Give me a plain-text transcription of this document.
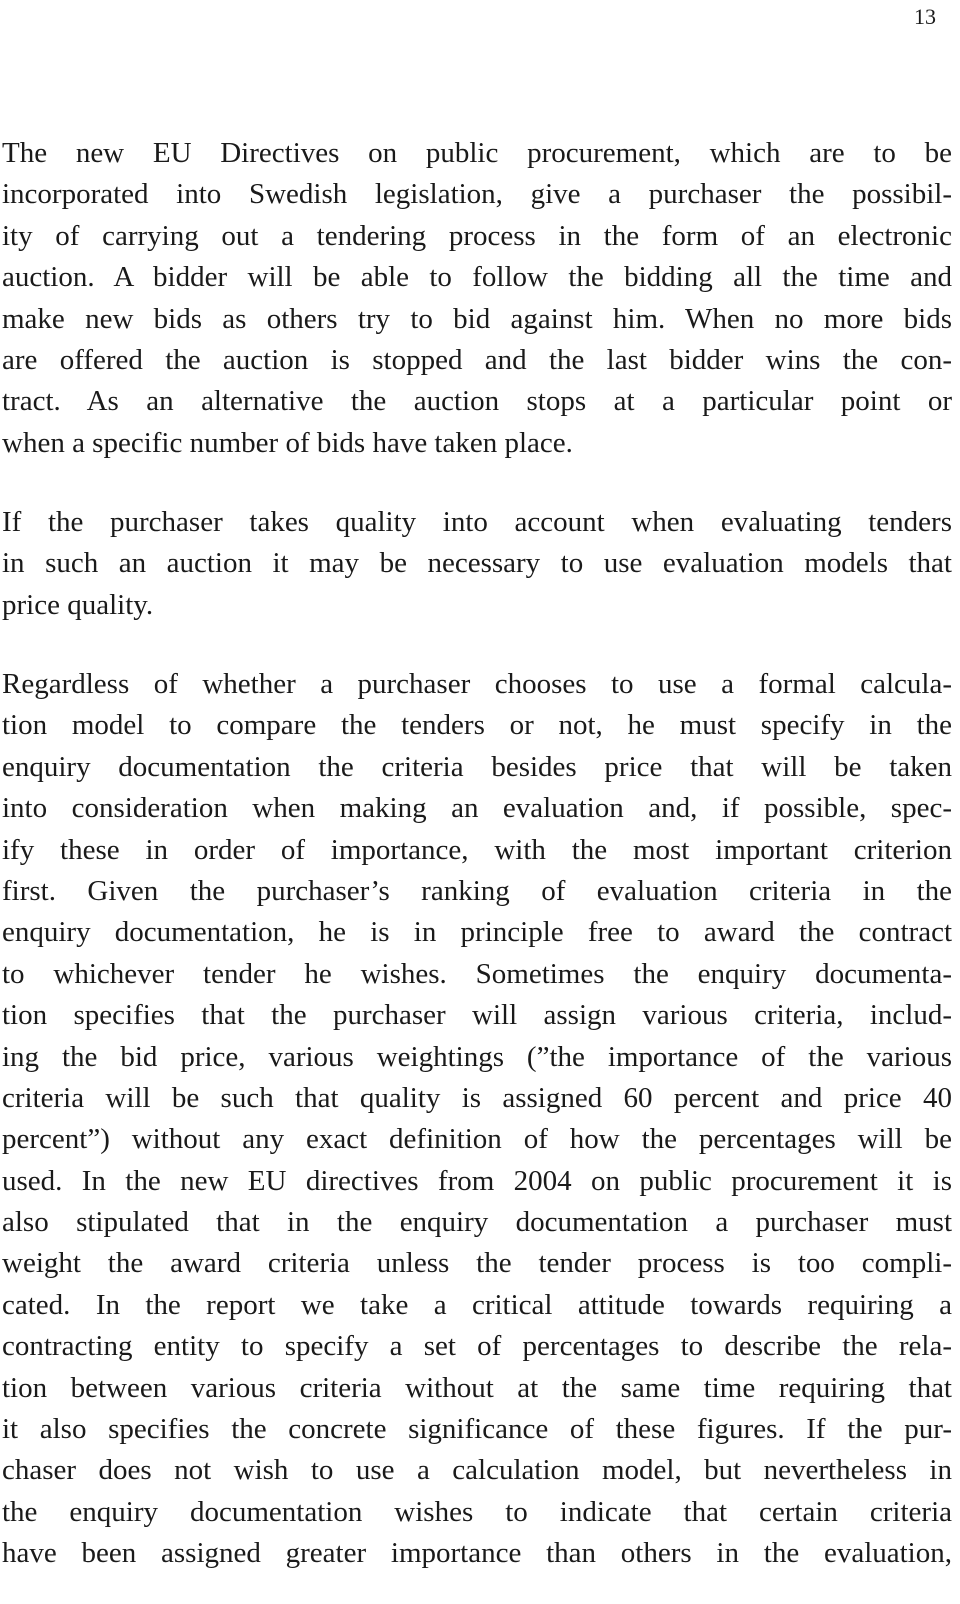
13
The new EU Directives on public procurement, which are to be
incorporated into Swedish legislation, give a purchaser the possibil-
ity of carrying out a tendering process in the form of an electronic
auction. A bidder will be able to follow the bidding all the time and
make new bids as others try to bid against him. When no more bids
are offered the auction is stopped and the last bidder wins the con-
tract. As an alternative the auction stops at a particular point or
when a specific number of bids have taken place.
If the purchaser takes quality into account when evaluating tenders
in such an auction it may be necessary to use evaluation models that
price quality.
Regardless of whether a purchaser chooses to use a formal calcula-
tion model to compare the tenders or not, he must specify in the
enquiry documentation the criteria besides price that will be taken
into consideration when making an evaluation and, if possible, spec-
ify these in order of importance, with the most important criterion
first. Given the purchaser’s ranking of evaluation criteria in the
enquiry documentation, he is in principle free to award the contract
to whichever tender he wishes. Sometimes the enquiry documenta-
tion specifies that the purchaser will assign various criteria, includ-
ing the bid price, various weightings (”the importance of the various
criteria will be such that quality is assigned 60 percent and price 40
percent”) without any exact definition of how the percentages will be
used. In the new EU directives from 2004 on public procurement it is
also stipulated that in the enquiry documentation a purchaser must
weight the award criteria unless the tender process is too compli-
cated. In the report we take a critical attitude towards requiring a
contracting entity to specify a set of percentages to describe the rela-
tion between various criteria without at the same time requiring that
it also specifies the concrete significance of these figures. If the pur-
chaser does not wish to use a calculation model, but nevertheless in
the enquiry documentation wishes to indicate that certain criteria
have been assigned greater importance than others in the evaluation,
